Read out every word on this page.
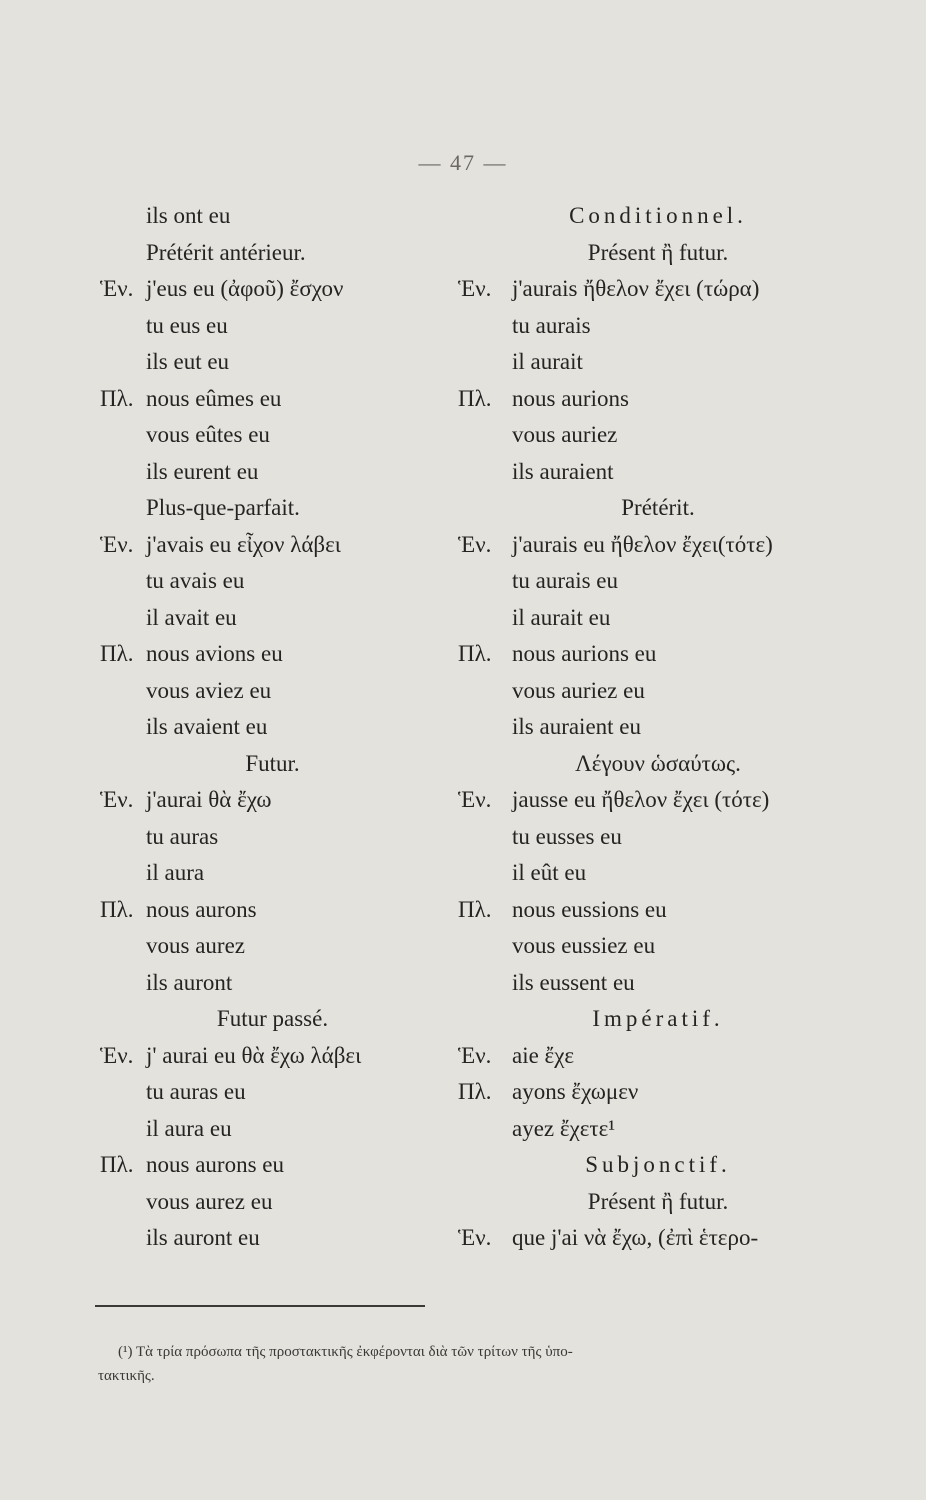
— 47 —
ils ont eu
Prétérit antérieur.
Ἑν. j'eus eu (ἀφοῦ) ἔσχον
tu eus eu
ils eut eu
Πλ. nous eûmes eu
vous eûtes eu
ils eurent eu
Plus-que-parfait.
Ἑν. j'avais eu εἶχον λάβει
tu avais eu
il avait eu
Πλ. nous avions eu
vous aviez eu
ils avaient eu
Futur.
Ἑν. j'aurai θὰ ἔχω
tu auras
il aura
Πλ. nous aurons
vous aurez
ils auront
Futur passé.
Ἑν. j' aurai eu θὰ ἔχω λάβει
tu auras eu
il aura eu
Πλ. nous aurons eu
vous aurez eu
ils auront eu
Conditionnel.
Présent ἢ futur.
Ἑν. j'aurais ἤθελον ἔχει (τώρα)
tu aurais
il aurait
Πλ. nous aurions
vous auriez
ils auraient
Prétérit.
Ἑν. j'aurais eu ἤθελον ἔχει(τότε)
tu aurais eu
il aurait eu
Πλ. nous aurions eu
vous auriez eu
ils auraient eu
Λέγουν ὡσαύτως.
Ἑν. jausse eu ἤθελον ἔχει (τότε)
tu eusses eu
il eût eu
Πλ. nous eussions eu
vous eussiez eu
ils eussent eu
Impératif.
Ἑν. aie ἔχε
Πλ. ayons ἔχωμεν
ayez ἔχετε¹
Subjonctif.
Présent ἢ futur.
Ἑν. que j'ai νὰ ἔχω, (ἐπὶ ἑτερο-
(¹) Τὰ τρία πρόσωπα τῆς προστακτικῆς ἐκφέρονται διὰ τῶν τρίτων τῆς ὑπο-
τακτικῆς.
